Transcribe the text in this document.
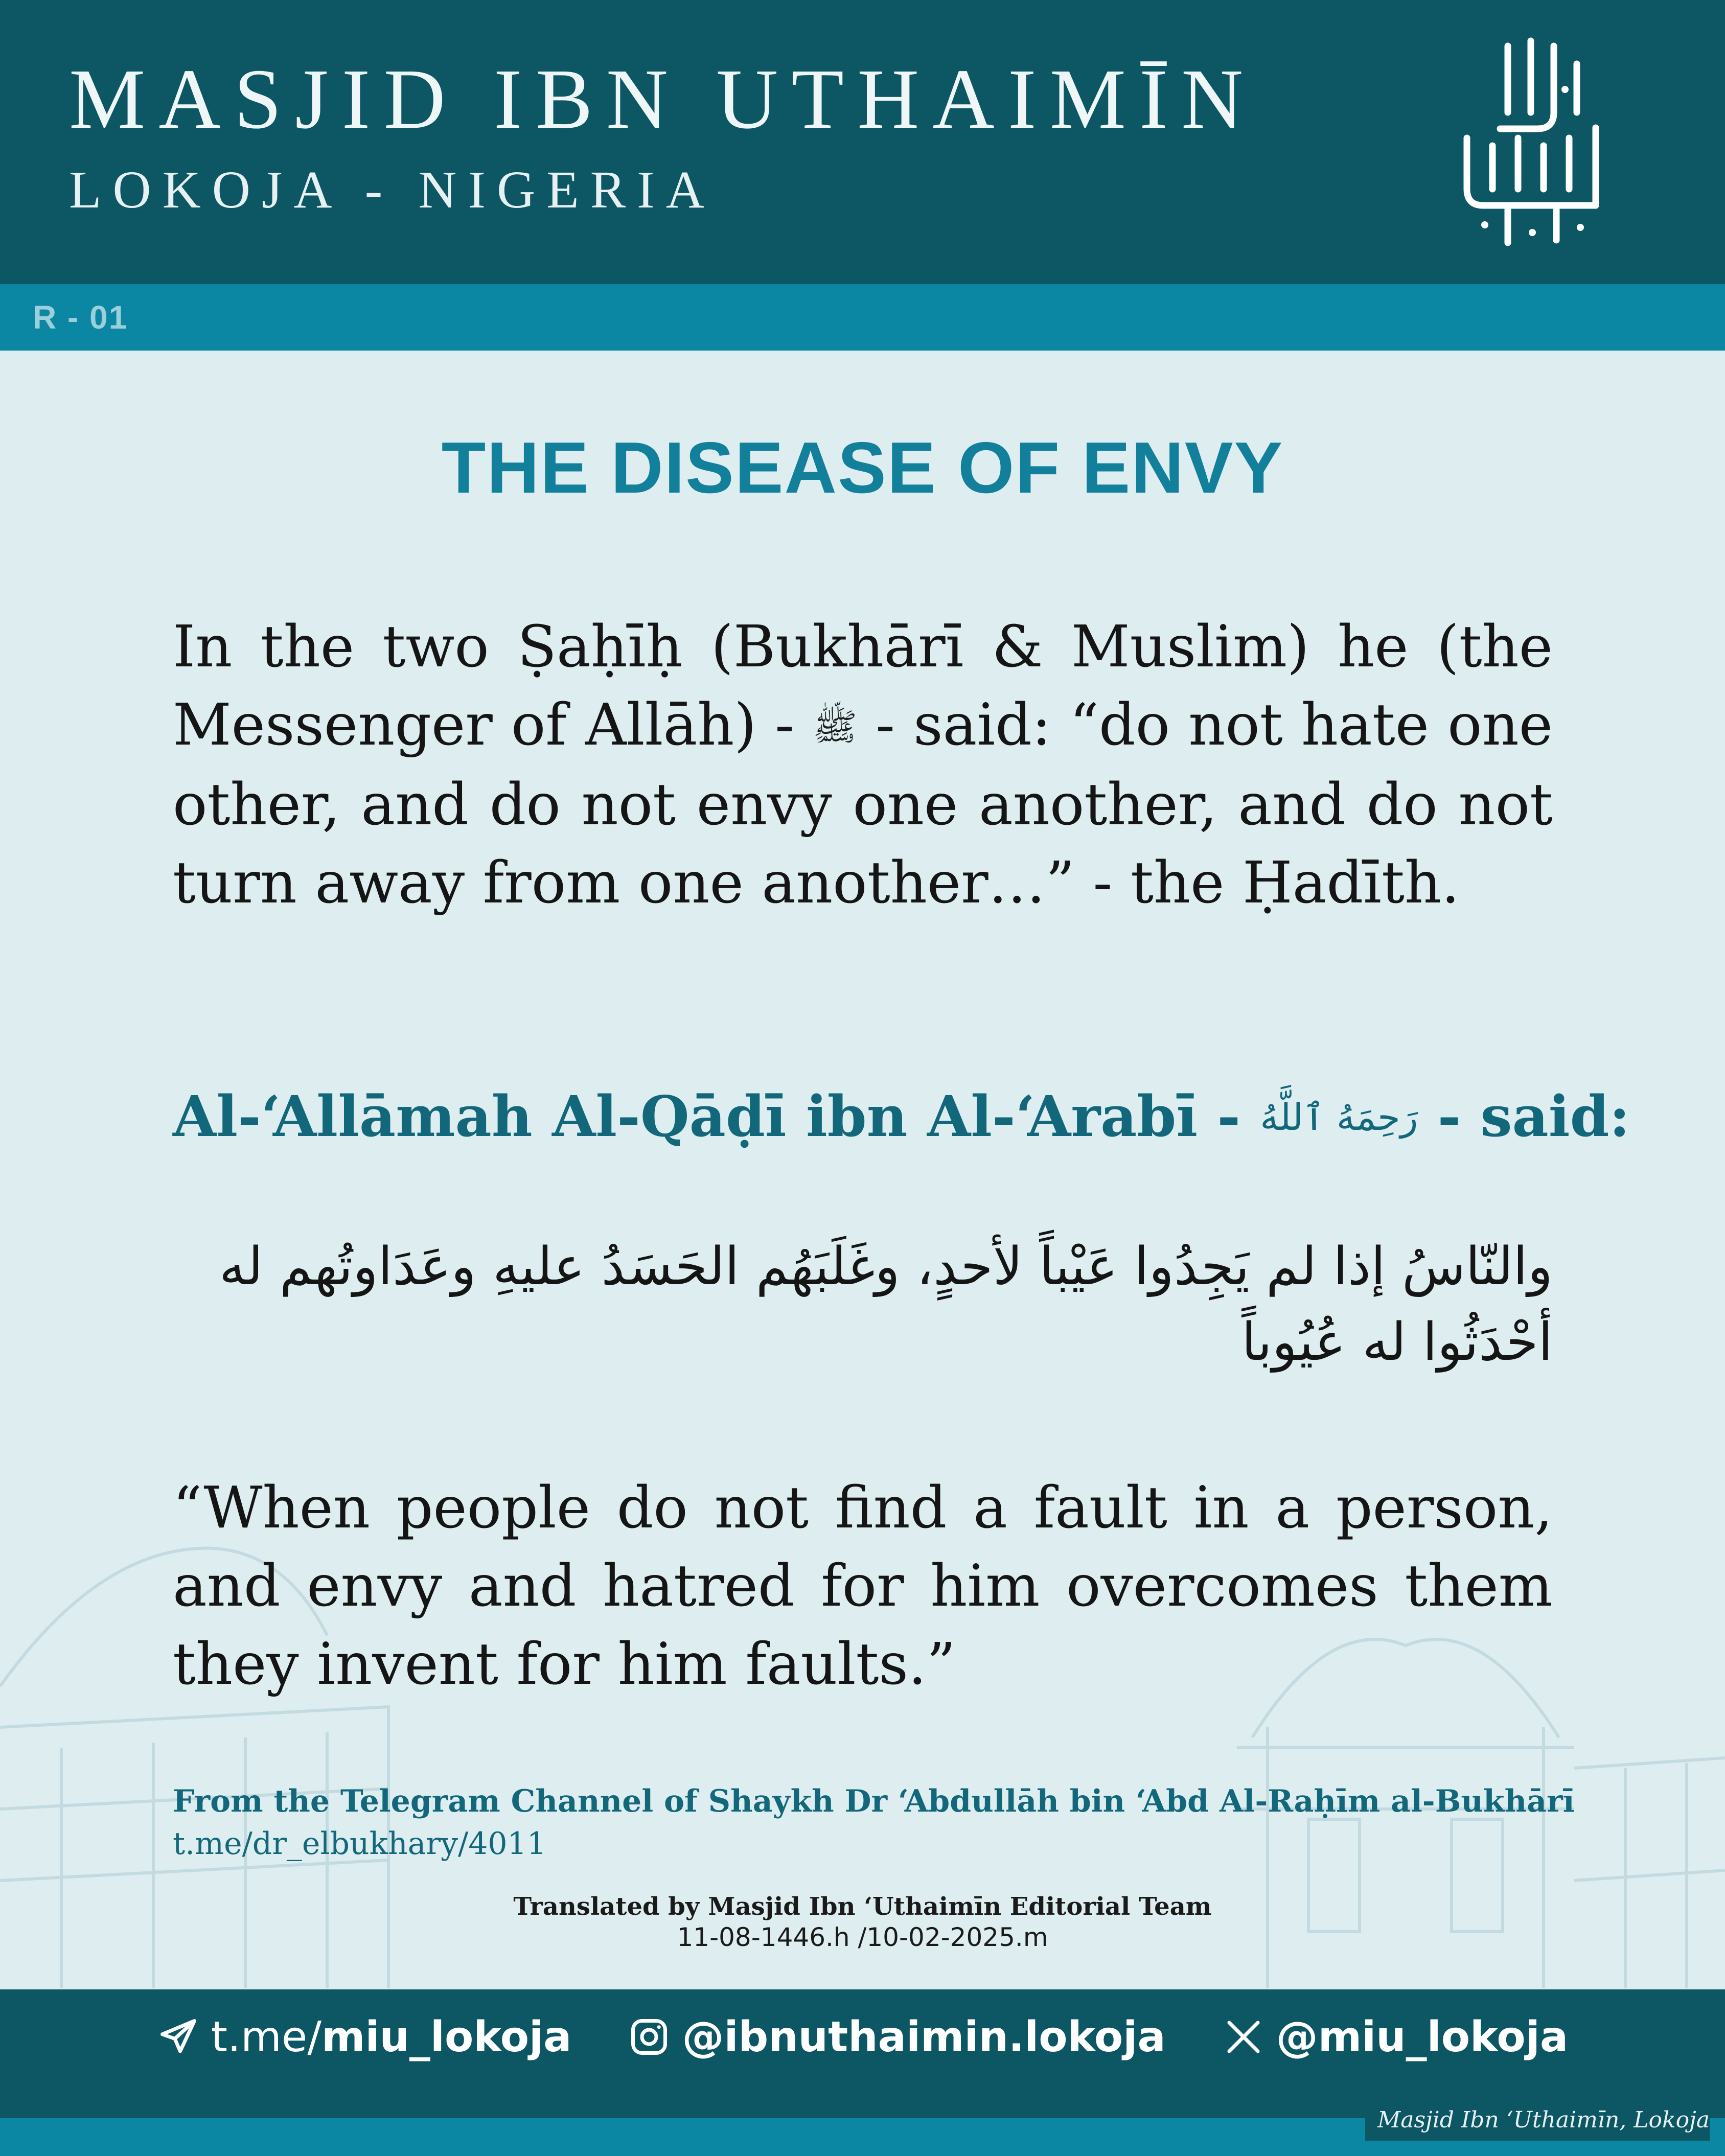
MASJID IBN UTHAIMĪN
LOKOJA - NIGERIA
R - 01
THE DISEASE OF ENVY
In the two Ṣaḥīḥ (Bukhārī & Muslim) he (the Messenger of Allāh) - ﷺ - said: “do not hate one other, and do not envy one another, and do not turn away from one another…” - the Ḥadīth.
Al-‘Allāmah Al-Qāḍī ibn Al-‘Arabī - رَحِمَهُ ٱللَّهُ - said:
والنّاسُ إذا لم يَجِدُوا عَيْباً لأحدٍ، وغَلَبَهُم الحَسَدُ عليهِ وعَدَاوتُهم له أحْدَثُوا له عُيُوباً
“When people do not find a fault in a person, and envy and hatred for him overcomes them they invent for him faults.”
From the Telegram Channel of Shaykh Dr ‘Abdullāh bin ‘Abd Al-Raḥīm al-Bukhārī
t.me/dr_elbukhary/4011
Translated by Masjid Ibn ‘Uthaimīn Editorial Team
11-08-1446.h /10-02-2025.m
t.me/miu_lokoja	@ibnuthaimin.lokoja	@miu_lokoja
Masjid Ibn ‘Uthaimīn, Lokoja
